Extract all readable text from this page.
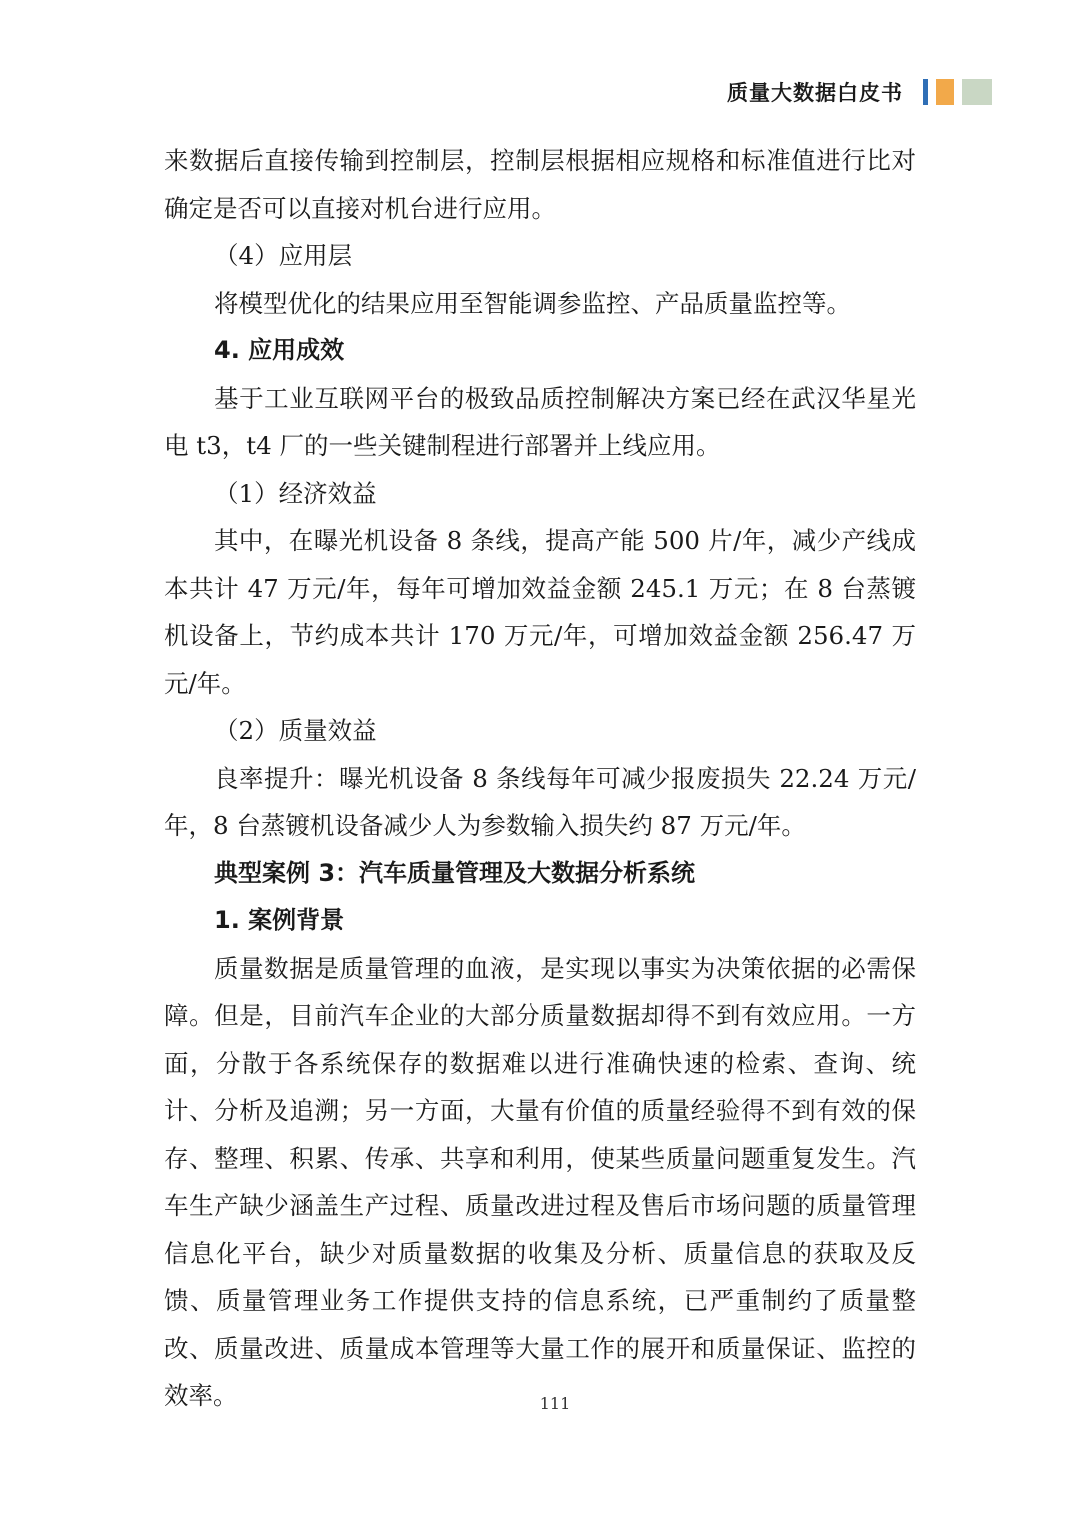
质量大数据白皮书

来数据后直接传输到控制层，控制层根据相应规格和标准值进行比对确定是否可以直接对机台进行应用。

（4）应用层

将模型优化的结果应用至智能调参监控、产品质量监控等。

4. 应用成效

基于工业互联网平台的极致品质控制解决方案已经在武汉华星光电 t3，t4 厂的一些关键制程进行部署并上线应用。

（1）经济效益

其中，在曝光机设备 8 条线，提高产能 500 片/年，减少产线成本共计 47 万元/年，每年可增加效益金额 245.1 万元；在 8 台蒸镀机设备上，节约成本共计 170 万元/年，可增加效益金额 256.47 万元/年。

（2）质量效益

良率提升：曝光机设备 8 条线每年可减少报废损失 22.24 万元/年，8 台蒸镀机设备减少人为参数输入损失约 87 万元/年。

典型案例 3：汽车质量管理及大数据分析系统

1. 案例背景

质量数据是质量管理的血液，是实现以事实为决策依据的必需保障。但是，目前汽车企业的大部分质量数据却得不到有效应用。一方面，分散于各系统保存的数据难以进行准确快速的检索、查询、统计、分析及追溯；另一方面，大量有价值的质量经验得不到有效的保存、整理、积累、传承、共享和利用，使某些质量问题重复发生。汽车生产缺少涵盖生产过程、质量改进过程及售后市场问题的质量管理信息化平台，缺少对质量数据的收集及分析、质量信息的获取及反馈、质量管理业务工作提供支持的信息系统，已严重制约了质量整改、质量改进、质量成本管理等大量工作的展开和质量保证、监控的效率。	111
